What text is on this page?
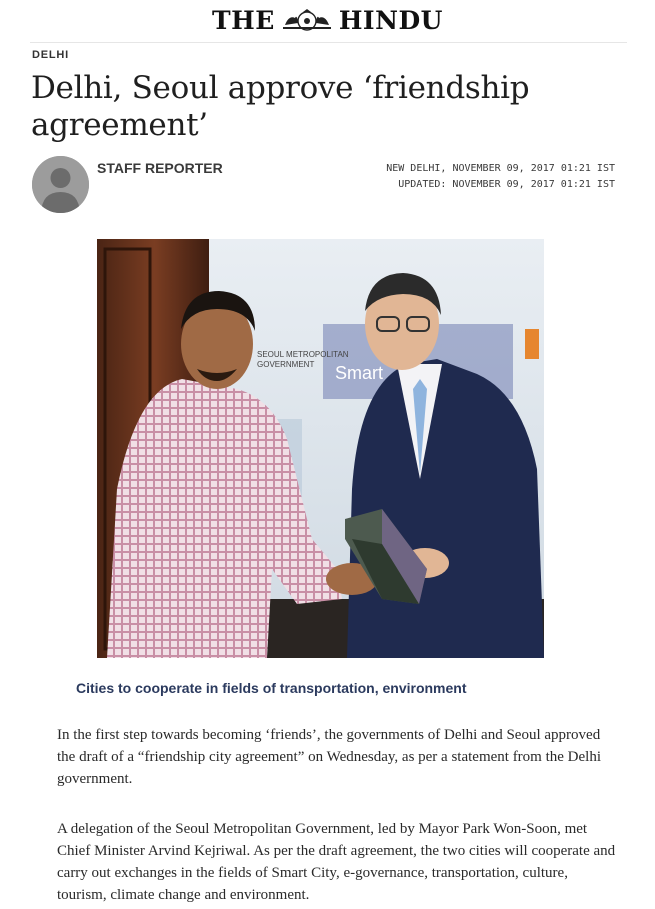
THE	HINDU
DELHI
Delhi, Seoul approve ‘friendship agreement’
STAFF REPORTER	NEW DELHI, NOVEMBER 09, 2017 01:21 IST
UPDATED: NOVEMBER 09, 2017 01:21 IST
SEOUL METROPOLITAN
GOVERNMENT Smart

Cities to cooperate in fields of transportation, environment

In the first step towards becoming ‘friends’, the governments of Delhi and Seoul approved the draft of a “friendship city agreement” on Wednesday, as per a statement from the Delhi government.

A delegation of the Seoul Metropolitan Government, led by Mayor Park Won-Soon, met Chief Minister Arvind Kejriwal. As per the draft agreement, the two cities will cooperate and carry out exchanges in the fields of Smart City, e-governance, transportation, culture, tourism, climate change and environment.
